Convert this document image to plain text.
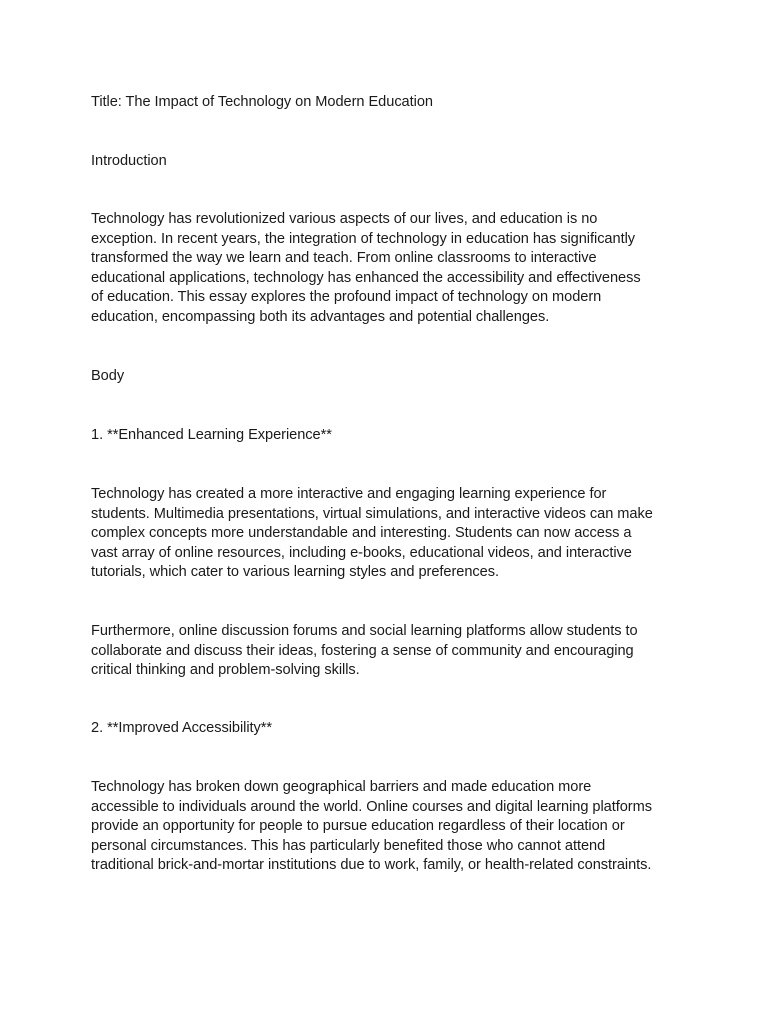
Title: The Impact of Technology on Modern Education
Introduction
Technology has revolutionized various aspects of our lives, and education is no
exception. In recent years, the integration of technology in education has significantly
transformed the way we learn and teach. From online classrooms to interactive
educational applications, technology has enhanced the accessibility and effectiveness
of education. This essay explores the profound impact of technology on modern
education, encompassing both its advantages and potential challenges.
Body
1. **Enhanced Learning Experience**
Technology has created a more interactive and engaging learning experience for
students. Multimedia presentations, virtual simulations, and interactive videos can make
complex concepts more understandable and interesting. Students can now access a
vast array of online resources, including e-books, educational videos, and interactive
tutorials, which cater to various learning styles and preferences.
Furthermore, online discussion forums and social learning platforms allow students to
collaborate and discuss their ideas, fostering a sense of community and encouraging
critical thinking and problem-solving skills.
2. **Improved Accessibility**
Technology has broken down geographical barriers and made education more
accessible to individuals around the world. Online courses and digital learning platforms
provide an opportunity for people to pursue education regardless of their location or
personal circumstances. This has particularly benefited those who cannot attend
traditional brick-and-mortar institutions due to work, family, or health-related constraints.
